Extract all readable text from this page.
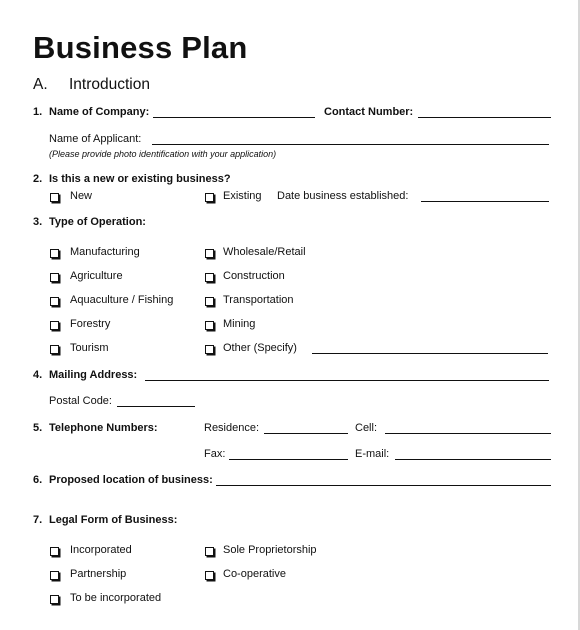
Business Plan
A. Introduction
1. Name of Company:	Contact Number:
Name of Applicant:
(Please provide photo identification with your application)
2. Is this a new or existing business?
New	Existing Date business established:
3. Type of Operation:
Manufacturing
Agriculture
Aquaculture / Fishing
Forestry
Tourism
Wholesale/Retail
Construction
Transportation
Mining
Other (Specify)
4. Mailing Address:
Postal Code:
5. Telephone Numbers:	Residence:	Cell:
Fax:	E-mail:
6. Proposed location of business:
7. Legal Form of Business:
Incorporated
Partnership
To be incorporated
Sole Proprietorship
Co-operative
